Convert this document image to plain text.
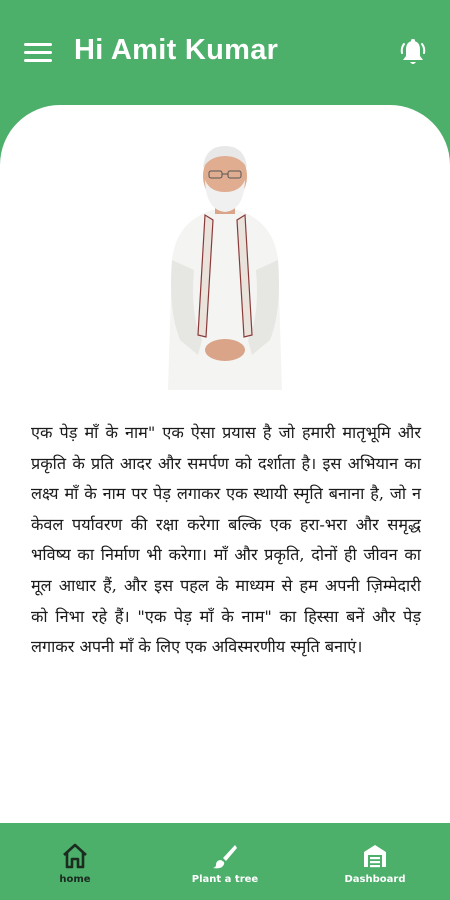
Hi Amit Kumar

एक पेड़ माँ के नाम" एक ऐसा प्रयास है जो हमारी मातृभूमि और प्रकृति के प्रति आदर और समर्पण को दर्शाता है। इस अभियान का लक्ष्य माँ के नाम पर पेड़ लगाकर एक स्थायी स्मृति बनाना है, जो न केवल पर्यावरण की रक्षा करेगा बल्कि एक हरा-भरा और समृद्ध भविष्य का निर्माण भी करेगा। माँ और प्रकृति, दोनों ही जीवन का मूल आधार हैं, और इस पहल के माध्यम से हम अपनी ज़िम्मेदारी को निभा रहे हैं। "एक पेड़ माँ के नाम" का हिस्सा बनें और पेड़ लगाकर अपनी माँ के लिए एक अविस्मरणीय स्मृति बनाएं।

home	Plant a tree	Dashboard
